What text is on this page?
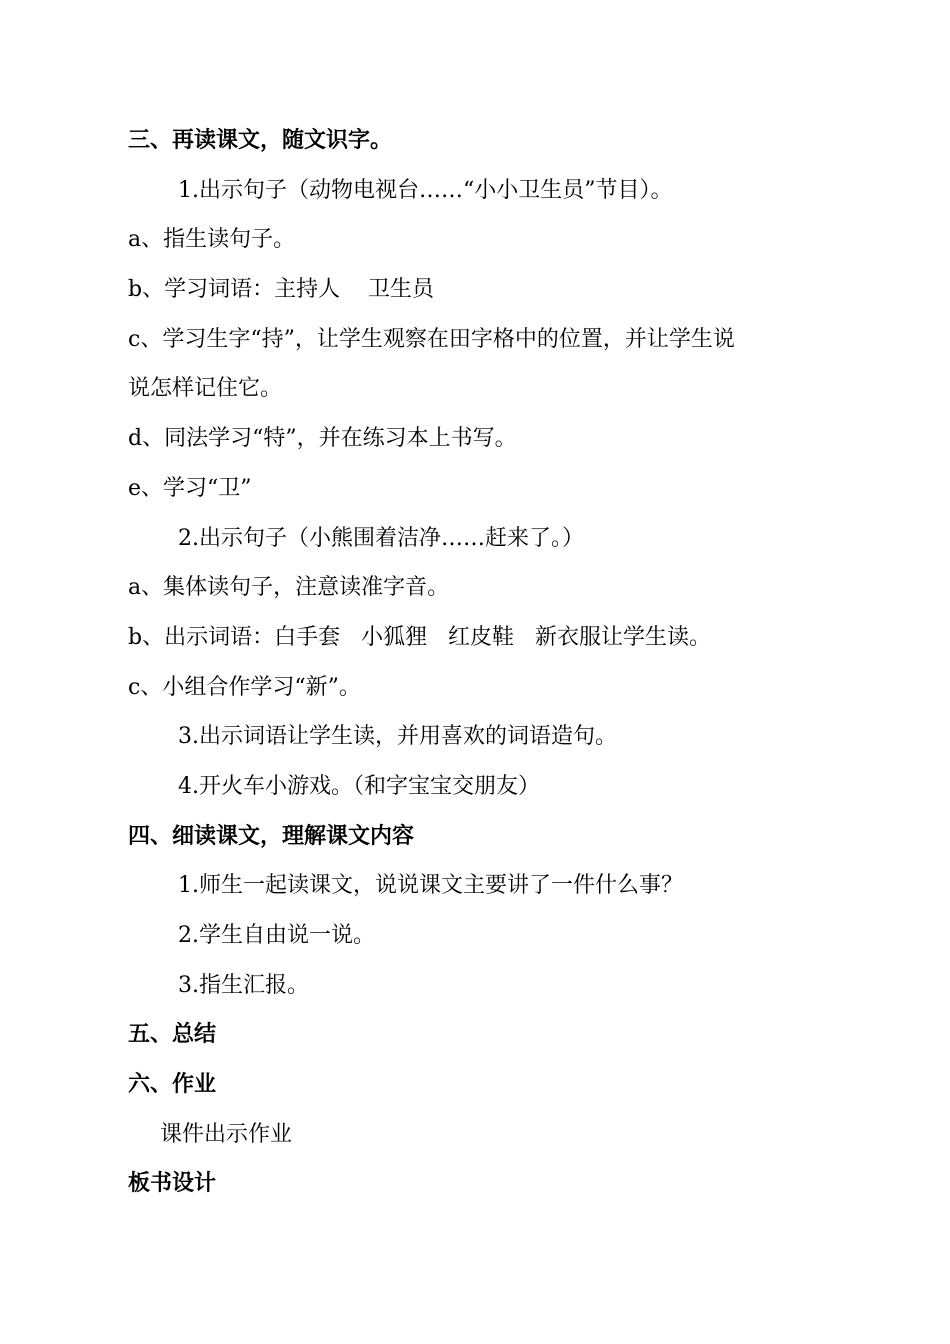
三、再读课文，随文识字。
1.出示句子（动物电视台……“小小卫生员”节目）。
a、指生读句子。
b、学习词语：主持人    卫生员
c、学习生字“持”，让学生观察在田字格中的位置，并让学生说
说怎样记住它。
d、同法学习“特”，并在练习本上书写。
e、学习“卫”
2.出示句子（小熊围着洁净……赶来了。）
a、集体读句子，注意读准字音。
b、出示词语：白手套   小狐狸   红皮鞋   新衣服让学生读。
c、小组合作学习“新”。
3.出示词语让学生读，并用喜欢的词语造句。
4.开火车小游戏。（和字宝宝交朋友）
四、细读课文，理解课文内容
1.师生一起读课文，说说课文主要讲了一件什么事？
2.学生自由说一说。
3.指生汇报。
五、总结
六、作业
课件出示作业
板书设计
